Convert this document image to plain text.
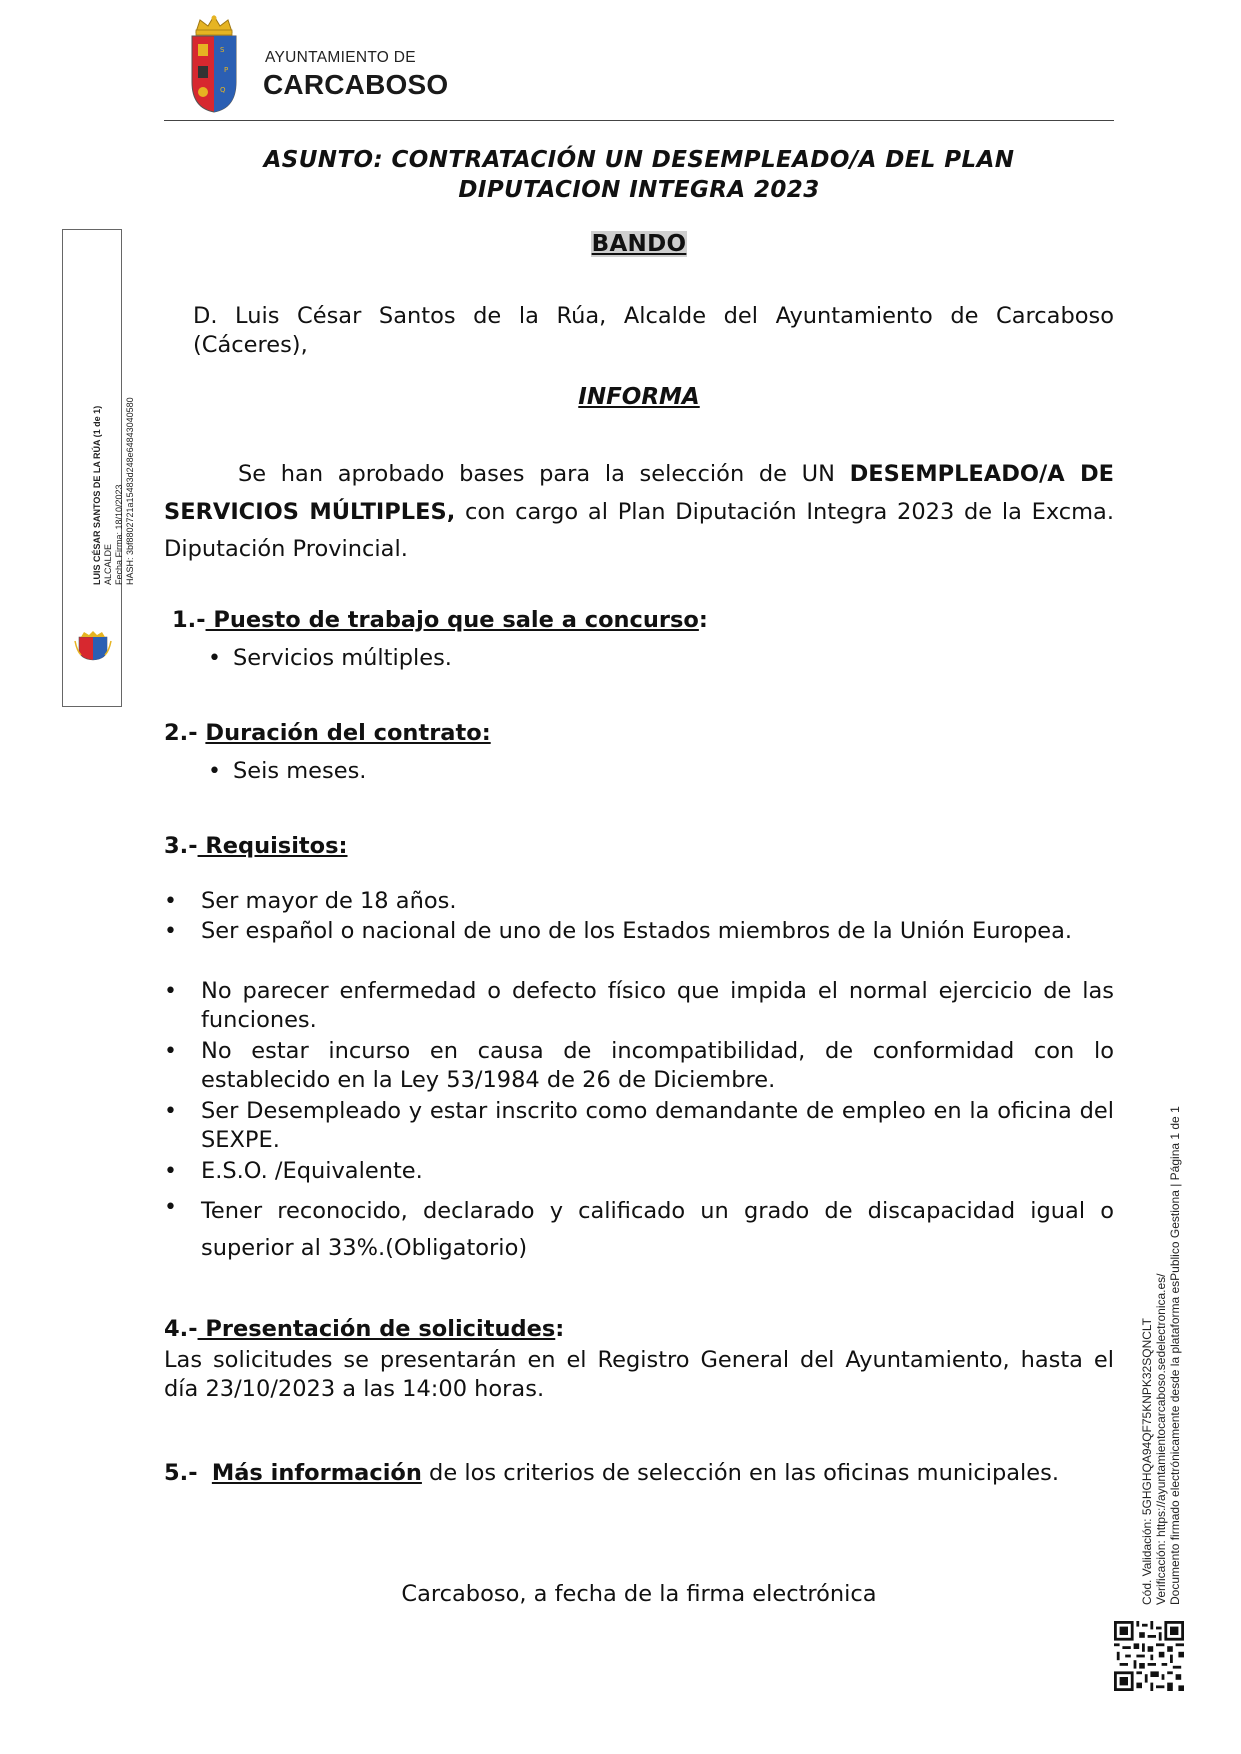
S
P
Q
AYUNTAMIENTO DE
CARCABOSO
ASUNTO: CONTRATACIÓN UN DESEMPLEADO/A DEL PLAN
DIPUTACION INTEGRA 2023
BANDO
D. Luis César Santos de la Rúa, Alcalde del Ayuntamiento de Carcaboso (Cáceres),
INFORMA
Se han aprobado bases para la selección de UN DESEMPLEADO/A DE SERVICIOS MÚLTIPLES, con cargo al Plan Diputación Integra 2023 de la Excma. Diputación Provincial.
1.- Puesto de trabajo que sale a concurso:
• Servicios múltiples.
2.- Duración del contrato:
• Seis meses.
3.- Requisitos:
• Ser mayor de 18 años.
• Ser español o nacional de uno de los Estados miembros de la Unión Europea.
• No parecer enfermedad o defecto físico que impida el normal ejercicio de las funciones.
• No estar incurso en causa de incompatibilidad, de conformidad con lo establecido en la Ley 53/1984 de 26 de Diciembre.
• Ser Desempleado y estar inscrito como demandante de empleo en la oficina del SEXPE.
• E.S.O. /Equivalente.
• Tener reconocido, declarado y calificado un grado de discapacidad igual o superior al 33%.(Obligatorio)
4.- Presentación de solicitudes:
Las solicitudes se presentarán en el Registro General del Ayuntamiento, hasta el día 23/10/2023 a las 14:00 horas.
5.- Más información de los criterios de selección en las oficinas municipales.
Carcaboso, a fecha de la firma electrónica
LUIS CÉSAR SANTOS DE LA RÚA (1 de 1) ALCALDE Fecha Firma: 18/10/2023 HASH: 3bf8802721a15483d248e6484304058​0
Cód. Validación: 5GHGHQA94QF75KNPK32SQNCLT Verificación: https://ayuntamientocarcaboso.sedelectronica.es/ Documento firmado electrónicamente desde la plataforma esPublico Gestiona | Página 1 de 1
